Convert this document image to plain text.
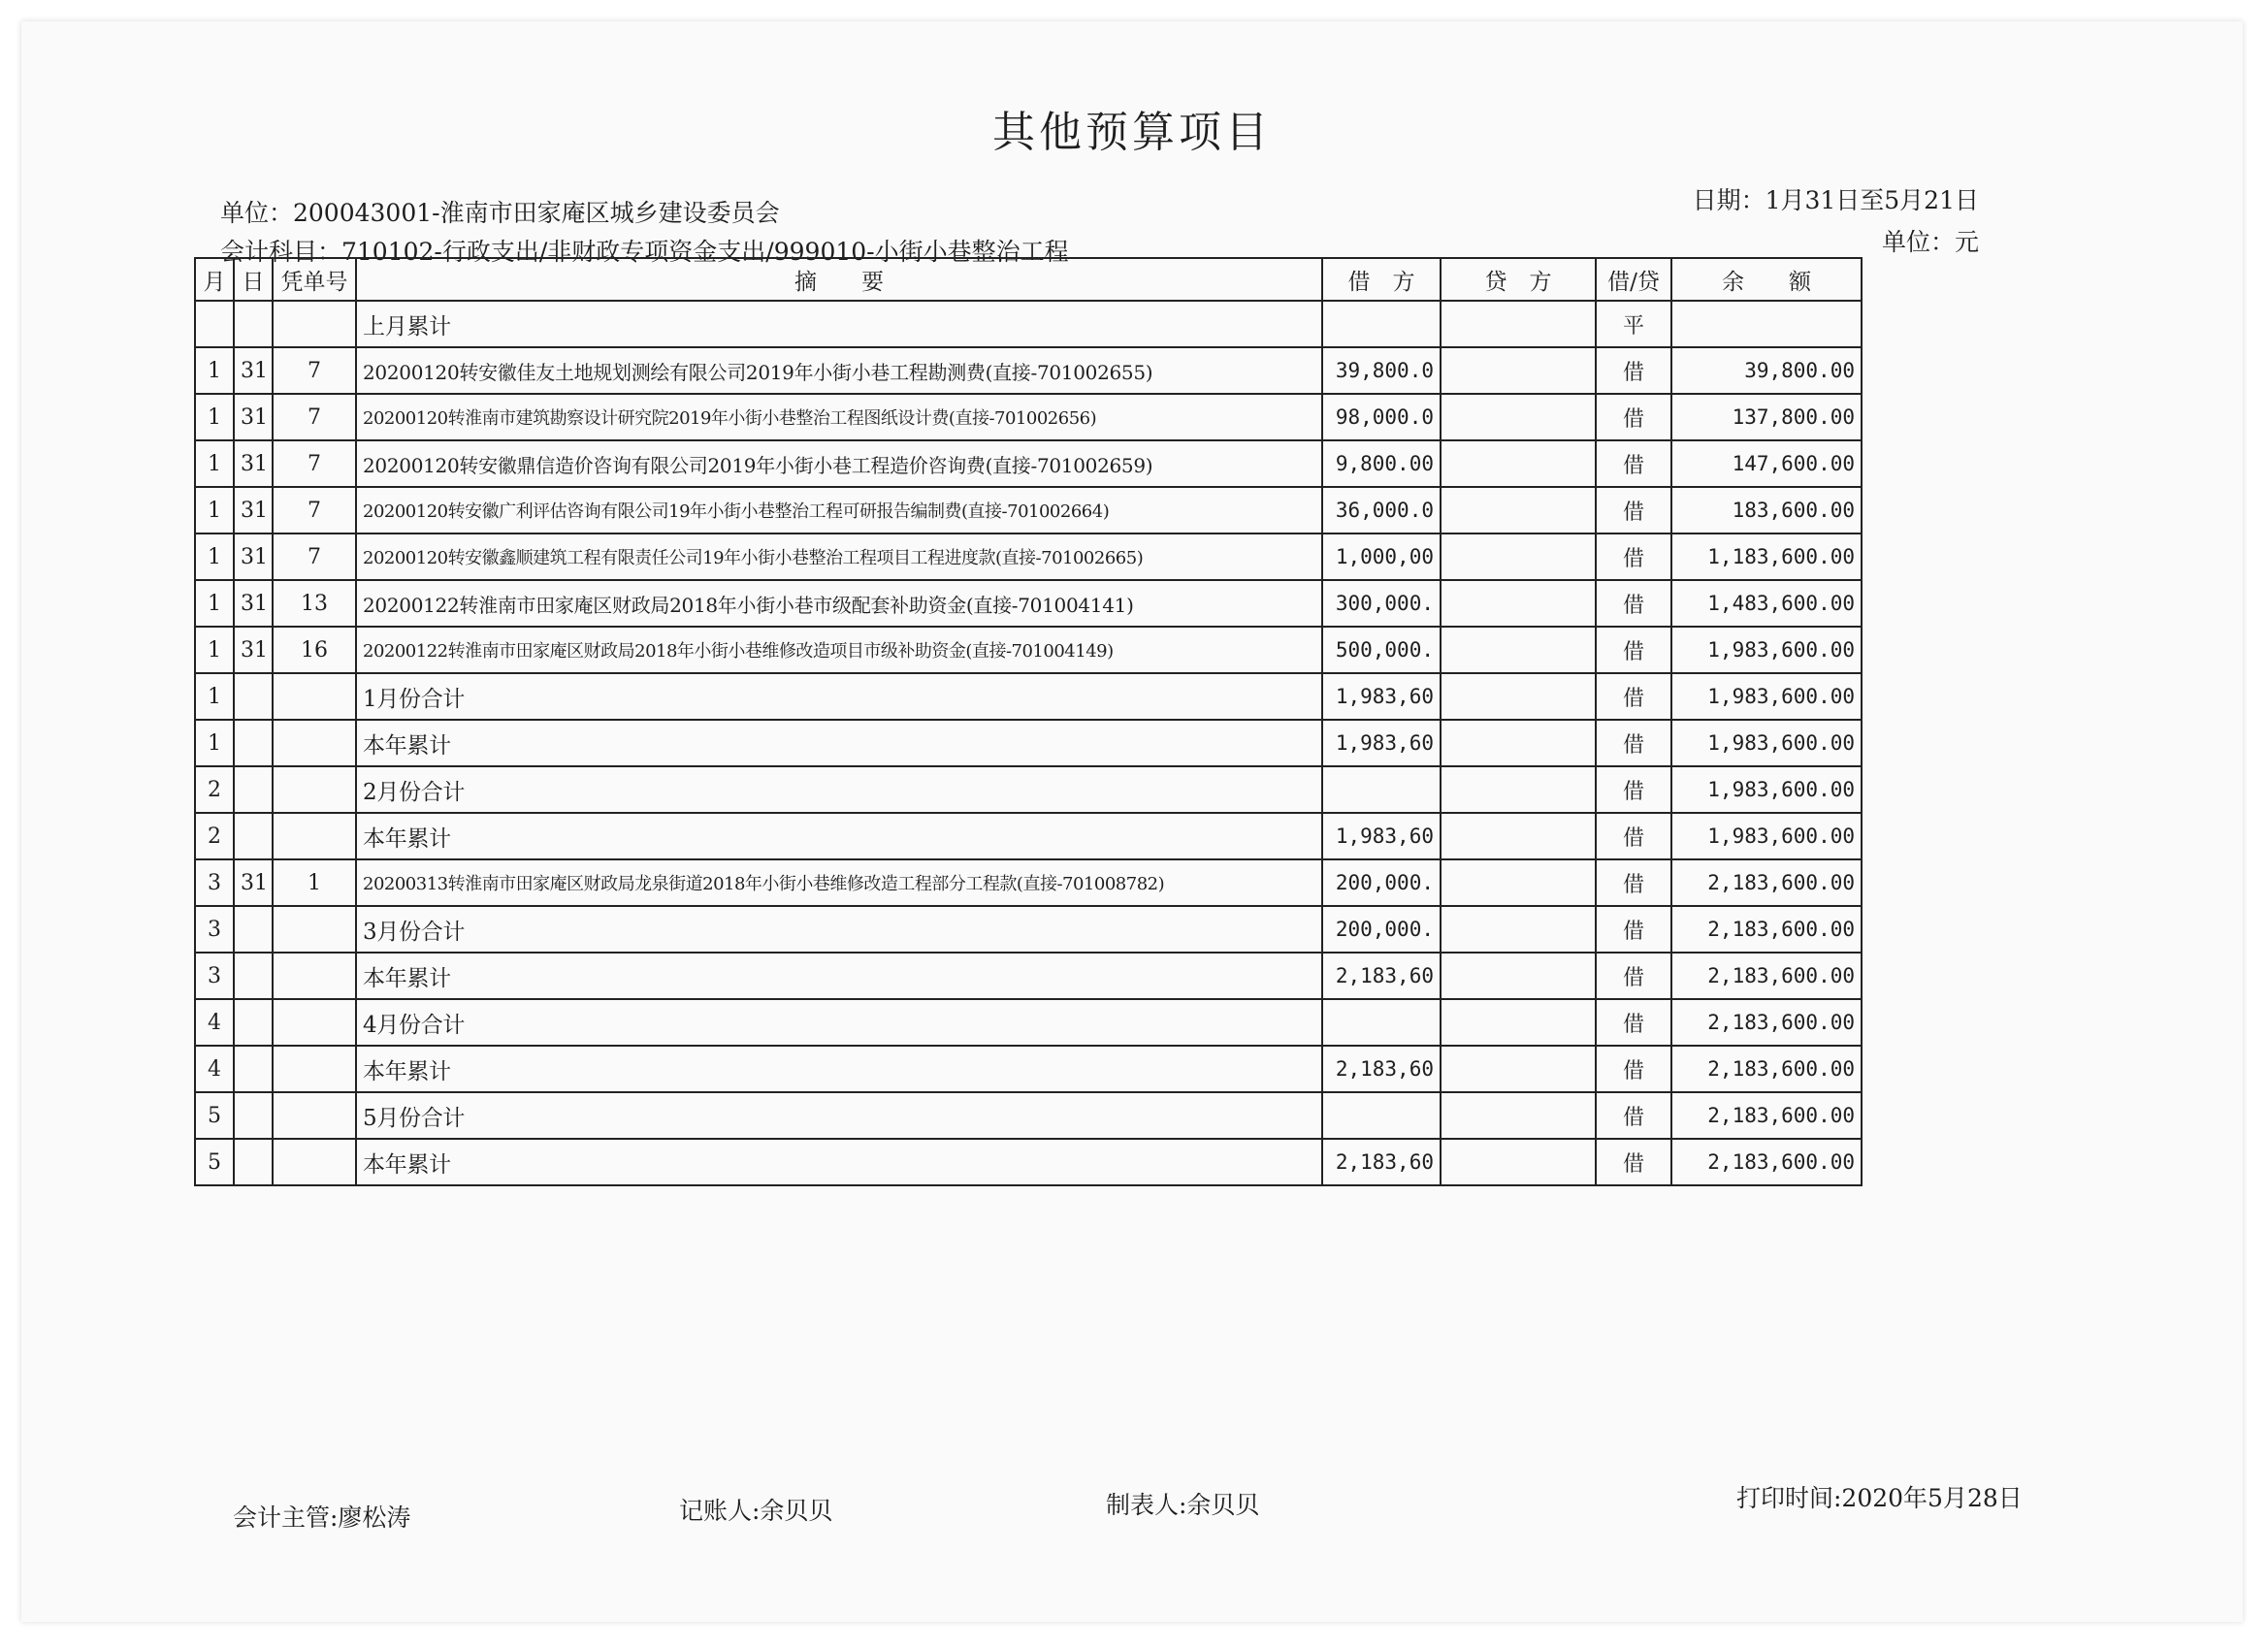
其他预算项目
单位：200043001-淮南市田家庵区城乡建设委员会
会计科目：710102-行政支出/非财政专项资金支出/999010-小街小巷整治工程
日期：1月31日至5月21日
单位：元
月	日	凭单号	摘　　要	借　方	贷　方	借/贷	余　　额
			上月累计			平	
1	31	7	20200120转安徽佳友土地规划测绘有限公司2019年小街小巷工程勘测费(直接-701002655)	39,800.0		借	39,800.00
1	31	7	20200120转淮南市建筑勘察设计研究院2019年小街小巷整治工程图纸设计费(直接-701002656)	98,000.0		借	137,800.00
1	31	7	20200120转安徽鼎信造价咨询有限公司2019年小街小巷工程造价咨询费(直接-701002659)	9,800.00		借	147,600.00
1	31	7	20200120转安徽广利评估咨询有限公司19年小街小巷整治工程可研报告编制费(直接-701002664)	36,000.0		借	183,600.00
1	31	7	20200120转安徽鑫顺建筑工程有限责任公司19年小街小巷整治工程项目工程进度款(直接-701002665)	1,000,00		借	1,183,600.00
1	31	13	20200122转淮南市田家庵区财政局2018年小街小巷市级配套补助资金(直接-701004141)	300,000.		借	1,483,600.00
1	31	16	20200122转淮南市田家庵区财政局2018年小街小巷维修改造项目市级补助资金(直接-701004149)	500,000.		借	1,983,600.00
1			1月份合计	1,983,60		借	1,983,600.00
1			本年累计	1,983,60		借	1,983,600.00
2			2月份合计			借	1,983,600.00
2			本年累计	1,983,60		借	1,983,600.00
3	31	1	20200313转淮南市田家庵区财政局龙泉街道2018年小街小巷维修改造工程部分工程款(直接-701008782)	200,000.		借	2,183,600.00
3			3月份合计	200,000.		借	2,183,600.00
3			本年累计	2,183,60		借	2,183,600.00
4			4月份合计			借	2,183,600.00
4			本年累计	2,183,60		借	2,183,600.00
5			5月份合计			借	2,183,600.00
5			本年累计	2,183,60		借	2,183,600.00
会计主管:廖松涛	记账人:余贝贝	制表人:余贝贝	打印时间:2020年5月28日
